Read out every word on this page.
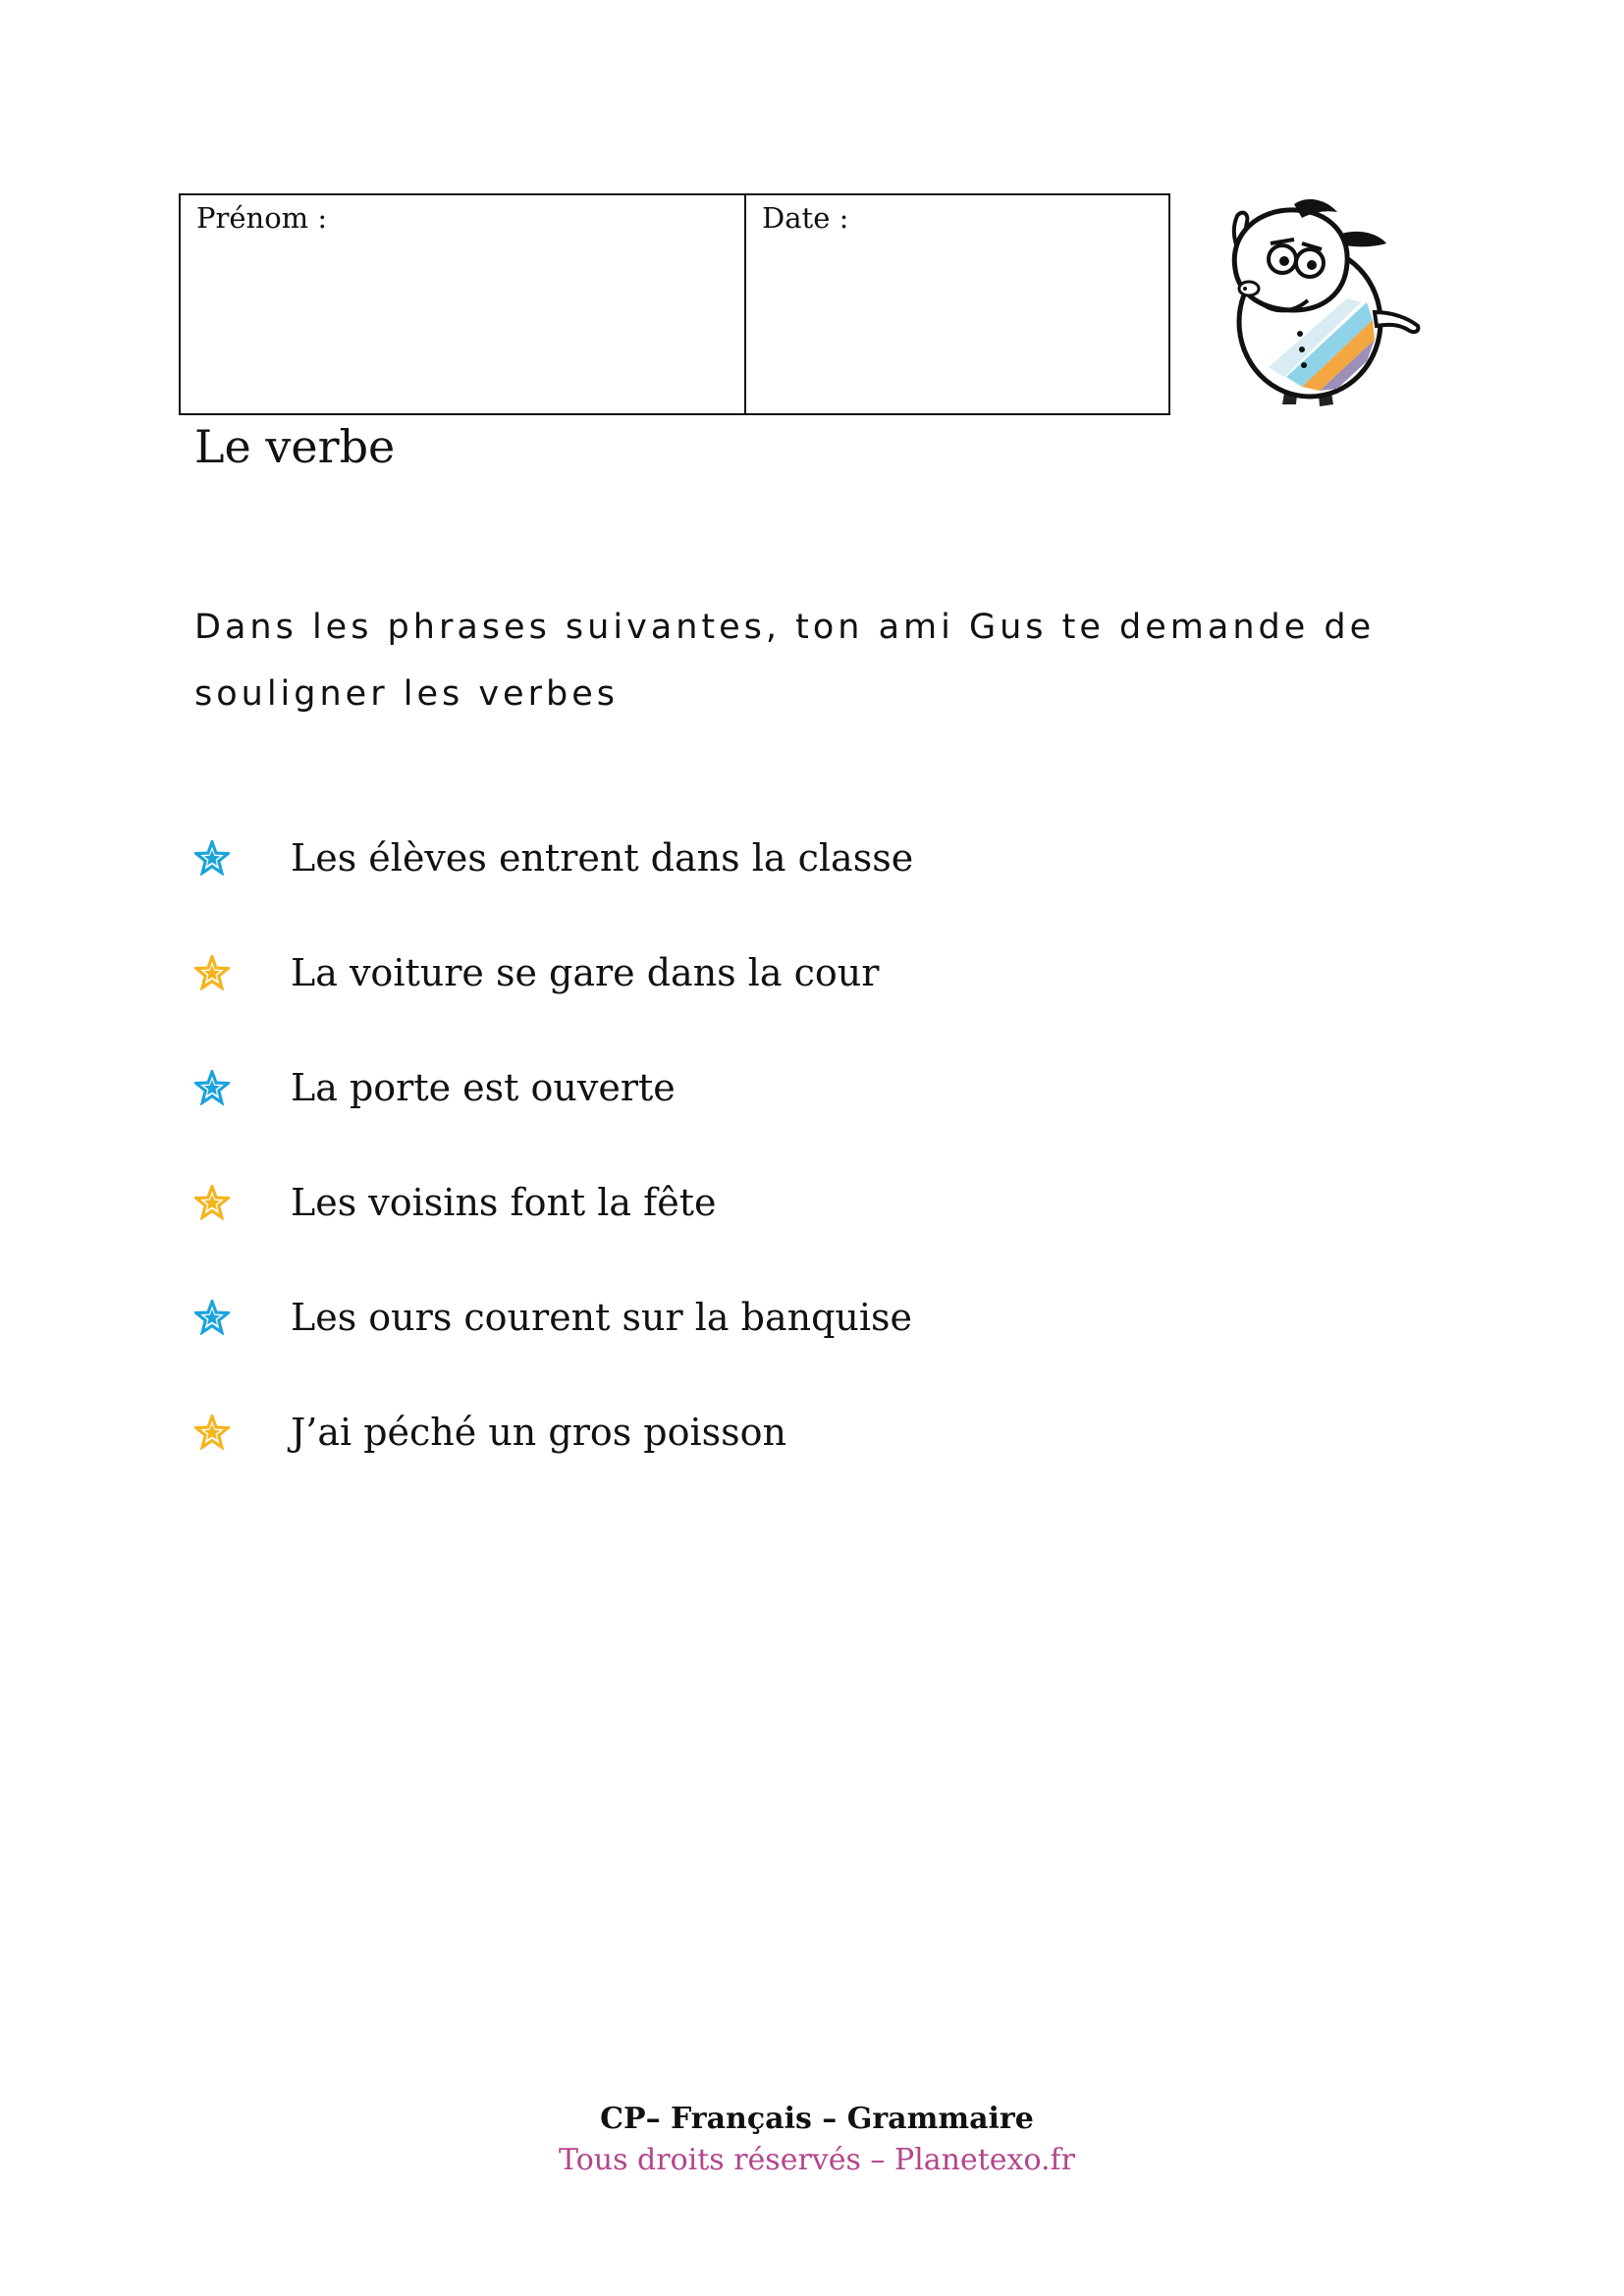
Prénom :	Date :
Le verbe

Dans les phrases suivantes, ton ami Gus te demande de
souligner les verbes

Les élèves entrent dans la classe
La voiture se gare dans la cour
La porte est ouverte
Les voisins font la fête
Les ours courent sur la banquise
J’ai péché un gros poisson
CP– Français – Grammaire
Tous droits réservés – Planetexo.fr
